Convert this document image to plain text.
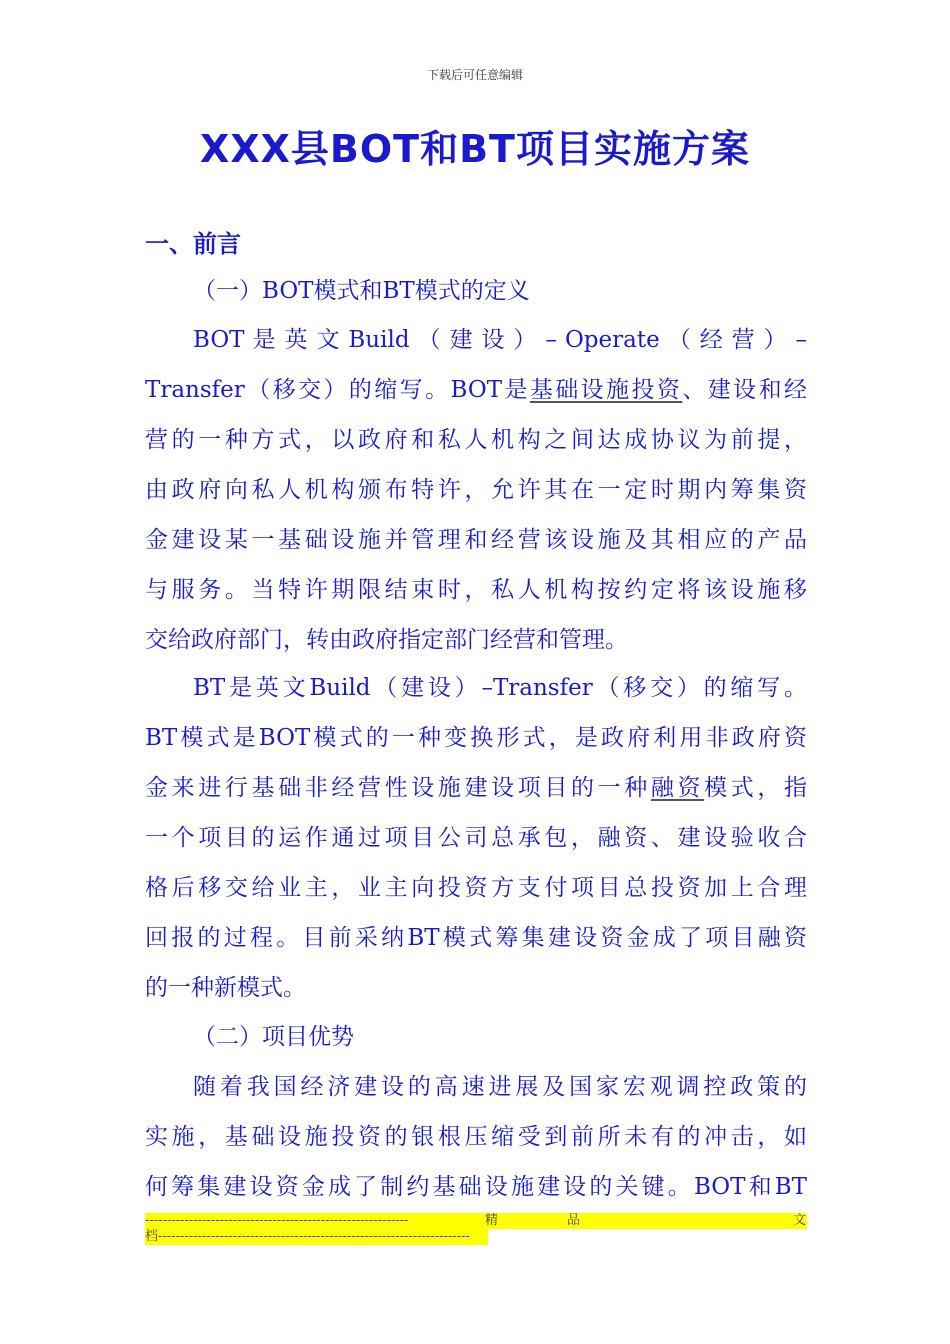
下载后可任意编辑
XXX县BOT和BT项目实施方案
一、前言
（一）BOT模式和BT模式的定义
BOT 是 英 文 Build （ 建 设 ） – Operate （ 经 营 ） –
Transfer（移交）的缩写。BOT是基础设施投资、建设和经
营的一种方式，以政府和私人机构之间达成协议为前提，
由政府向私人机构颁布特许，允许其在一定时期内筹集资
金建设某一基础设施并管理和经营该设施及其相应的产品
与服务。当特许期限结束时，私人机构按约定将该设施移
交给政府部门，转由政府指定部门经营和管理。
BT是英文Build（建设）–Transfer（移交）的缩写。
BT模式是BOT模式的一种变换形式，是政府利用非政府资
金来进行基础非经营性设施建设项目的一种融资模式，指
一个项目的运作通过项目公司总承包，融资、建设验收合
格后移交给业主，业主向投资方支付项目总投资加上合理
回报的过程。目前采纳BT模式筹集建设资金成了项目融资
的一种新模式。
（二）项目优势
随着我国经济建设的高速进展及国家宏观调控政策的
实施，基础设施投资的银根压缩受到前所未有的冲击，如
何筹集建设资金成了制约基础设施建设的关键。BOT和BT
------------------------------------------------------------	精	品	文
档-----------------------------------------------------------------------
